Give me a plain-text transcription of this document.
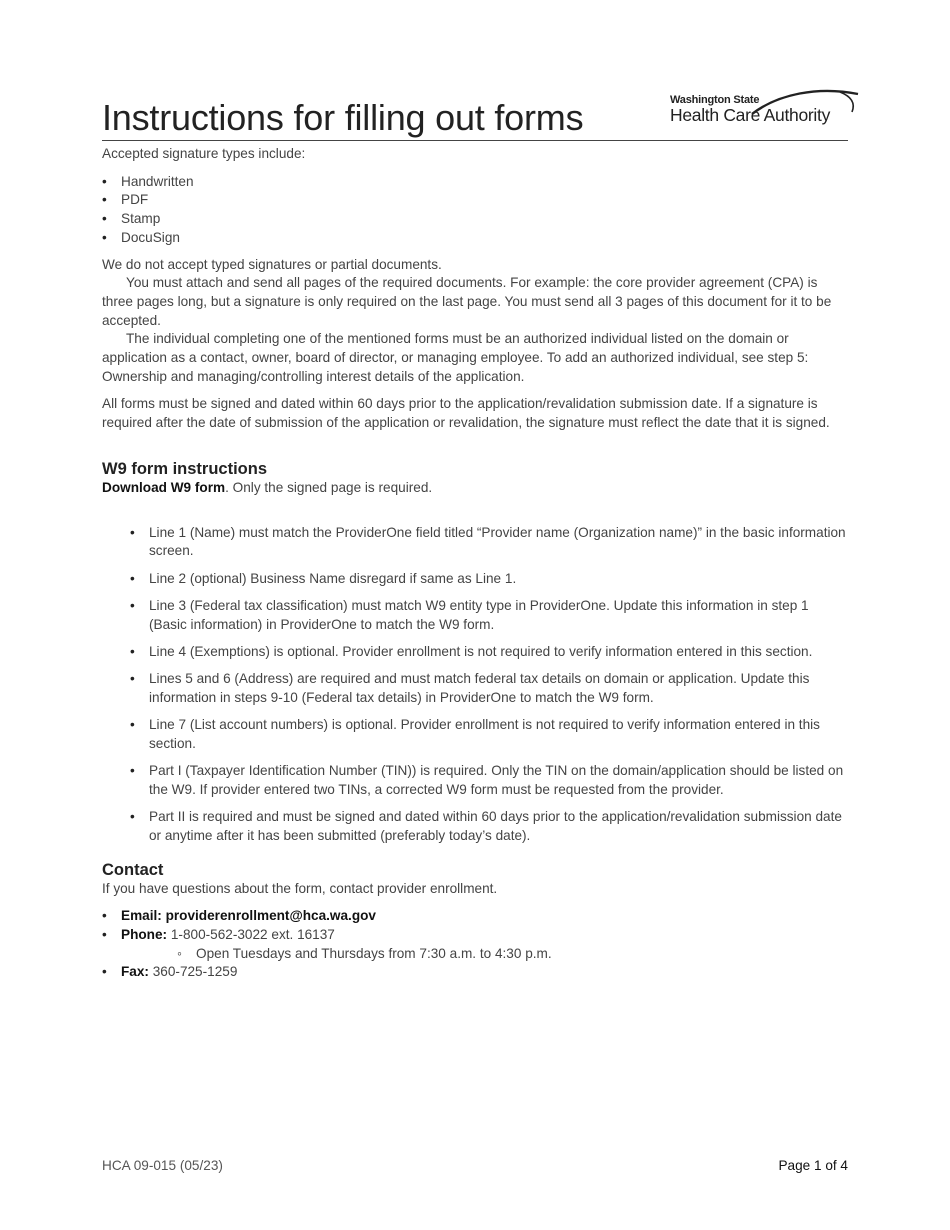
Instructions for filling out forms	Washington State
Health Care Authority

Accepted signature types include:

• Handwritten
• PDF
• Stamp
• DocuSign

We do not accept typed signatures or partial documents.

You must attach and send all pages of the required documents. For example: the core provider agreement (CPA) is three pages long, but a signature is only required on the last page. You must send all 3 pages of this document for it to be accepted.

The individual completing one of the mentioned forms must be an authorized individual listed on the domain or application as a contact, owner, board of director, or managing employee. To add an authorized individual, see step 5: Ownership and managing/controlling interest details of the application.

All forms must be signed and dated within 60 days prior to the application/revalidation submission date. If a signature is required after the date of submission of the application or revalidation, the signature must reflect the date that it is signed.

W9 form instructions

Download W9 form. Only the signed page is required.

• Line 1 (Name) must match the ProviderOne field titled “Provider name (Organization name)” in the basic information screen.
• Line 2 (optional) Business Name disregard if same as Line 1.
• Line 3 (Federal tax classification) must match W9 entity type in ProviderOne. Update this information in step 1 (Basic information) in ProviderOne to match the W9 form.
• Line 4 (Exemptions) is optional. Provider enrollment is not required to verify information entered in this section.
• Lines 5 and 6 (Address) are required and must match federal tax details on domain or application. Update this information in steps 9-10 (Federal tax details) in ProviderOne to match the W9 form.
• Line 7 (List account numbers) is optional. Provider enrollment is not required to verify information entered in this section.
• Part I (Taxpayer Identification Number (TIN)) is required. Only the TIN on the domain/application should be listed on the W9. If provider entered two TINs, a corrected W9 form must be requested from the provider.
• Part II is required and must be signed and dated within 60 days prior to the application/revalidation submission date or anytime after it has been submitted (preferably today’s date).
Contact

If you have questions about the form, contact provider enrollment.

• Email: providerenrollment@hca.wa.gov
• Phone: 1-800-562-3022 ext. 16137
◦ Open Tuesdays and Thursdays from 7:30 a.m. to 4:30 p.m.
• Fax: 360-725-1259
HCA 09-015 (05/23)	Page 1 of 4
